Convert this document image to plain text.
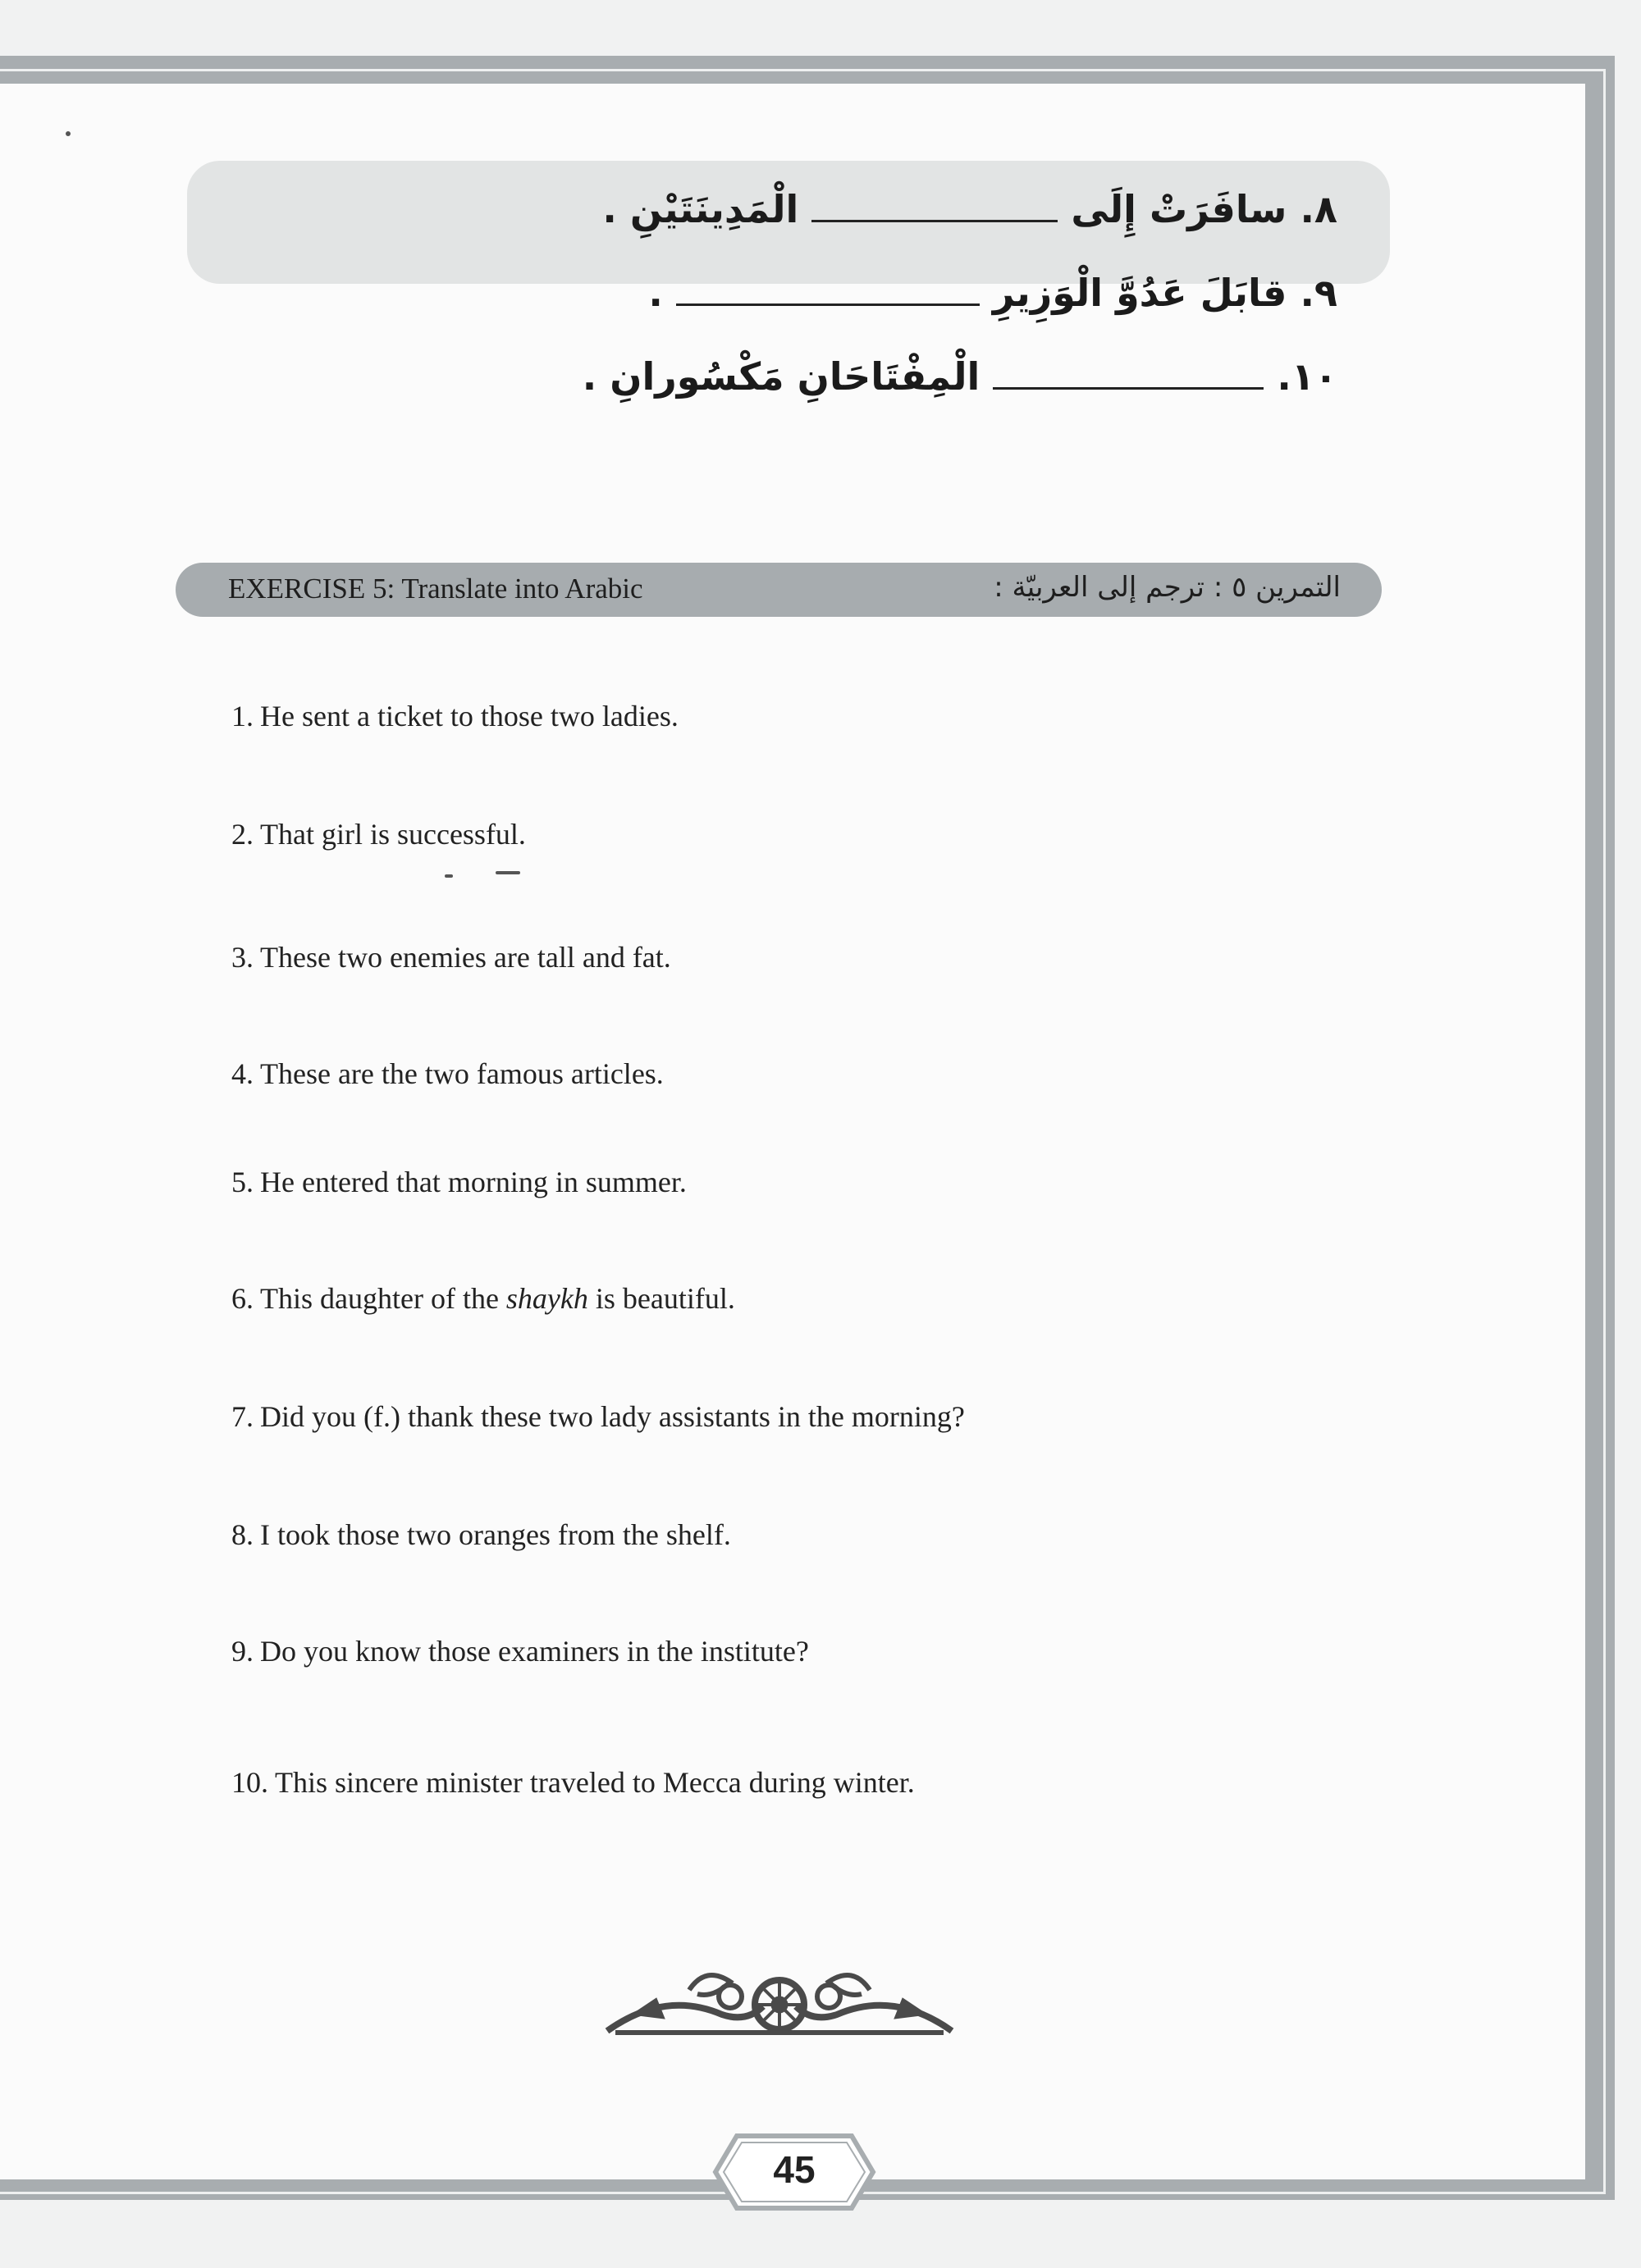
٨. سافَرَتْ إِلَى  الْمَدِينَتَيْنِ .
٩. قابَلَ عَدُوَّ الْوَزِيرِ  .
١٠.  الْمِفْتَاحَانِ مَكْسُورانِ .
EXERCISE 5: Translate into Arabic	التمرين ٥ : ترجم إلى العربيّة :
1. He sent a ticket to those two ladies.
2. That girl is successful.
3. These two enemies are tall and fat.
4. These are the two famous articles.
5. He entered that morning in summer.
6. This daughter of the shaykh is beautiful.
7. Did you (f.) thank these two lady assistants in the morning?
8. I took those two oranges from the shelf.
9. Do you know those examiners in the institute?
10. This sincere minister traveled to Mecca during winter.
45
